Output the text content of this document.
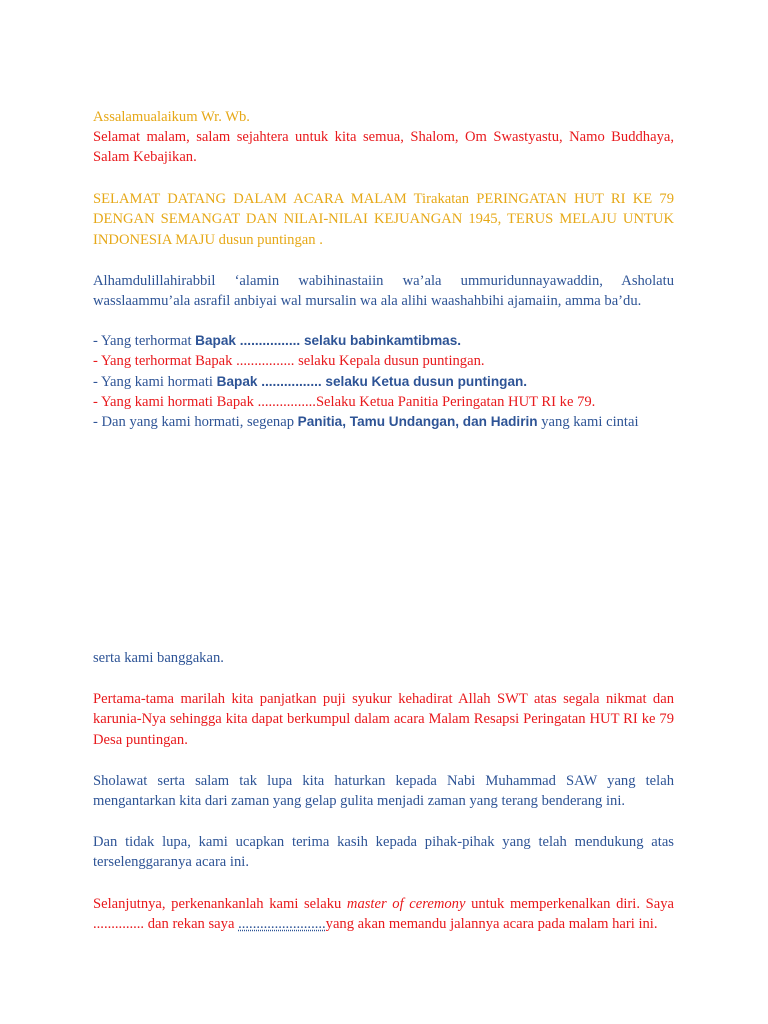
Assalamualaikum Wr. Wb.

Selamat malam, salam sejahtera untuk kita semua, Shalom, Om Swastyastu, Namo Buddhaya, Salam Kebajikan.

SELAMAT DATANG DALAM ACARA MALAM Tirakatan PERINGATAN HUT RI KE 79 DENGAN SEMANGAT DAN NILAI-NILAI KEJUANGAN 1945, TERUS MELAJU UNTUK INDONESIA MAJU dusun puntingan .

Alhamdulillahirabbil ‘alamin wabihinastaiin wa’ala ummuridunnayawaddin, Asholatu wasslaammu’ala asrafil anbiyai wal mursalin wa ala alihi waashahbihi ajamaiin, amma ba’du.

- Yang terhormat Bapak ................ selaku babinkamtibmas.
- Yang terhormat Bapak ................ selaku Kepala dusun puntingan.
- Yang kami hormati Bapak ................ selaku Ketua dusun puntingan.
- Yang kami hormati Bapak ................Selaku Ketua Panitia Peringatan HUT RI ke 79.
- Dan yang kami hormati, segenap Panitia, Tamu Undangan, dan Hadirin yang kami cintai

serta kami banggakan.

Pertama-tama marilah kita panjatkan puji syukur kehadirat Allah SWT atas segala nikmat dan karunia-Nya sehingga kita dapat berkumpul dalam acara Malam Resapsi Peringatan HUT RI ke 79 Desa puntingan.

Sholawat serta salam tak lupa kita haturkan kepada Nabi Muhammad SAW yang telah mengantarkan kita dari zaman yang gelap gulita menjadi zaman yang terang benderang ini.

Dan tidak lupa, kami ucapkan terima kasih kepada pihak-pihak yang telah mendukung atas terselenggaranya acara ini.

Selanjutnya, perkenankanlah kami selaku master of ceremony untuk memperkenalkan diri. Saya .............. dan rekan saya ........................yang akan memandu jalannya acara pada malam hari ini.
